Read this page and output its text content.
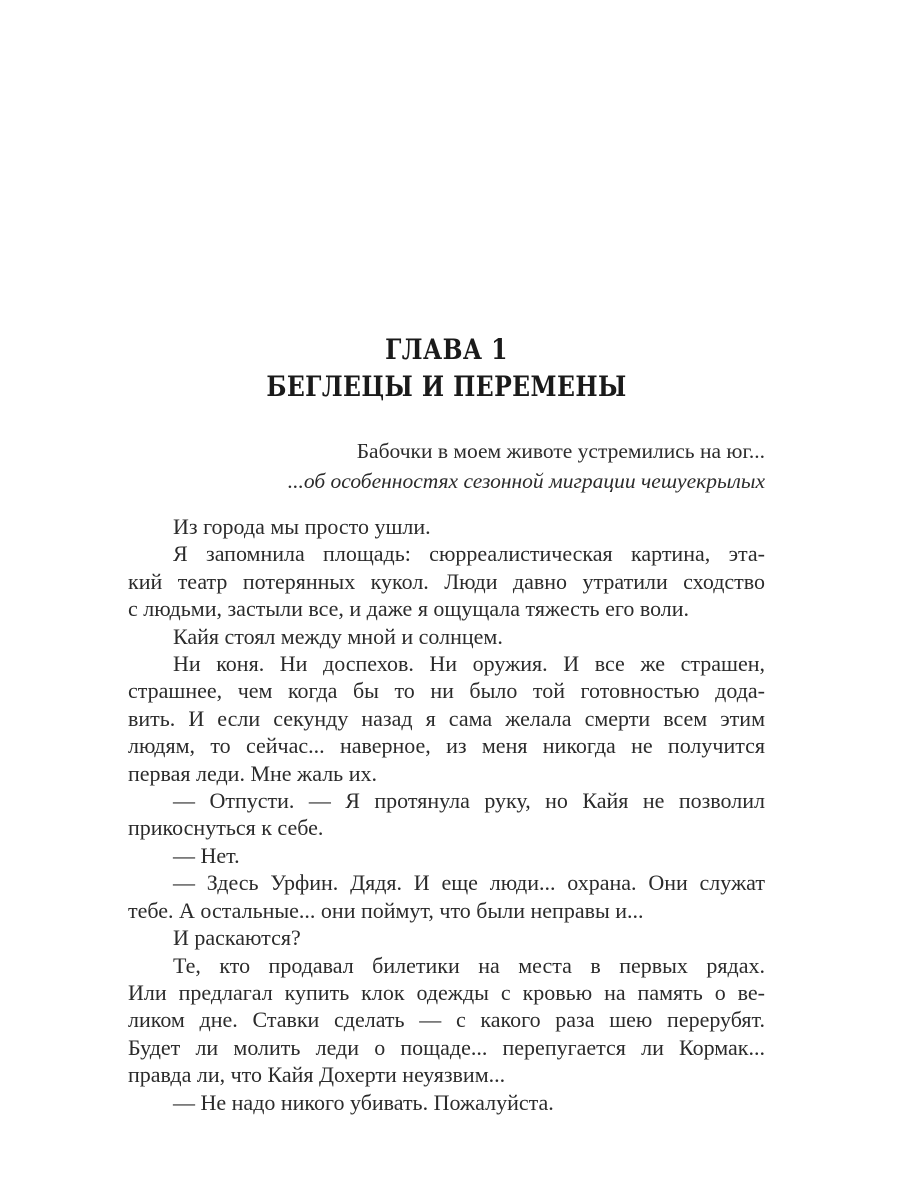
ГЛАВА 1
БЕГЛЕЦЫ И ПЕРЕМЕНЫ
Бабочки в моем животе устремились на юг...
...об особенностях сезонной миграции чешуекрылых
Из города мы просто ушли.
Я запомнила площадь: сюрреалистическая картина, эта-
кий театр потерянных кукол. Люди давно утратили сходство
с людьми, застыли все, и даже я ощущала тяжесть его воли.
Кайя стоял между мной и солнцем.
Ни коня. Ни доспехов. Ни оружия. И все же страшен,
страшнее, чем когда бы то ни было той готовностью дода-
вить. И если секунду назад я сама желала смерти всем этим
людям, то сейчас... наверное, из меня никогда не получится
первая леди. Мне жаль их.
— Отпусти. — Я протянула руку, но Кайя не позволил
прикоснуться к себе.
— Нет.
— Здесь Урфин. Дядя. И еще люди... охрана. Они служат
тебе. А остальные... они поймут, что были неправы и...
И раскаются?
Те, кто продавал билетики на места в первых рядах.
Или предлагал купить клок одежды с кровью на память о ве-
ликом дне. Ставки сделать — с какого раза шею перерубят.
Будет ли молить леди о пощаде... перепугается ли Кормак...
правда ли, что Кайя Дохерти неуязвим...
— Не надо никого убивать. Пожалуйста.
